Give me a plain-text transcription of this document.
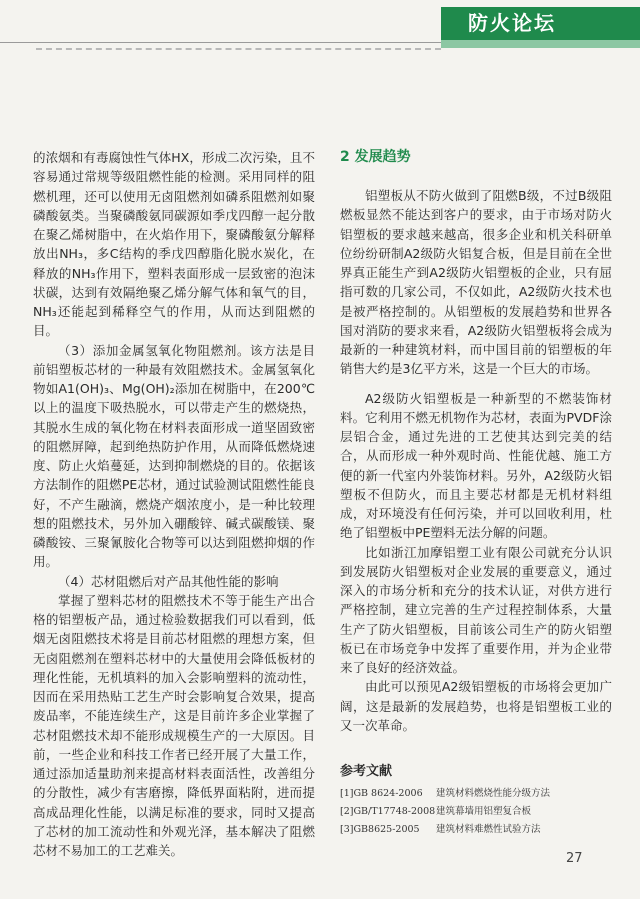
防火论坛

的浓烟和有毒腐蚀性气体HX，形成二次污染，且不容易通过常规等级阻燃性能的检测。采用同样的阻燃机理，还可以使用无卤阻燃剂如磷系阻燃剂如聚磷酸氨类。当聚磷酸氨同碳源如季戊四醇一起分散在聚乙烯树脂中，在火焰作用下，聚磷酸氨分解释放出NH₃，多C结构的季戊四醇脂化脱水炭化，在释放的NH₃作用下，塑料表面形成一层致密的泡沫状碳，达到有效隔绝聚乙烯分解气体和氧气的目，NH₃还能起到稀释空气的作用，从而达到阻燃的目。

（3）添加金属氢氧化物阻燃剂。该方法是目前铝塑板芯材的一种最有效阻燃技术。金属氢氧化物如A1(OH)₃、Mg(OH)₂添加在树脂中，在200℃以上的温度下吸热脱水，可以带走产生的燃烧热，其脱水生成的氧化物在材料表面形成一道坚固致密的阻燃屏障，起到绝热防护作用，从而降低燃烧速度、防止火焰蔓延，达到抑制燃烧的目的。依据该方法制作的阻燃PE芯材，通过试验测试阻燃性能良好，不产生融滴，燃烧产烟浓度小，是一种比较理想的阻燃技术，另外加入硼酸锌、碱式碳酸镁、聚磷酸铵、三聚氰胺化合物等可以达到阻燃抑烟的作用。

（4）芯材阻燃后对产品其他性能的影响

掌握了塑料芯材的阻燃技术不等于能生产出合格的铝塑板产品，通过检验数据我们可以看到，低烟无卤阻燃技术将是目前芯材阻燃的理想方案，但无卤阻燃剂在塑料芯材中的大量使用会降低板材的理化性能，无机填料的加入会影响塑料的流动性，因而在采用热贴工艺生产时会影响复合效果，提高废品率，不能连续生产，这是目前许多企业掌握了芯材阻燃技术却不能形成规模生产的一大原因。目前，一些企业和科技工作者已经开展了大量工作，通过添加适量助剂来提高材料表面活性，改善组分的分散性，减少有害磨擦，降低界面粘附，进而提高成品理化性能，以满足标准的要求，同时又提高了芯材的加工流动性和外观光泽，基本解决了阻燃芯材不易加工的工艺难关。

2 发展趋势

铝塑板从不防火做到了阻燃B级，不过B级阻燃板显然不能达到客户的要求，由于市场对防火铝塑板的要求越来越高，很多企业和机关科研单位纷纷研制A2级防火铝复合板，但是目前在全世界真正能生产到A2级防火铝塑板的企业，只有屈指可数的几家公司，不仅如此，A2级防火技术也是被严格控制的。从铝塑板的发展趋势和世界各国对消防的要求来看，A2级防火铝塑板将会成为最新的一种建筑材料，而中国目前的铝塑板的年销售大约是3亿平方米，这是一个巨大的市场。

A2级防火铝塑板是一种新型的不燃装饰材料。它利用不燃无机物作为芯材，表面为PVDF涂层铝合金，通过先进的工艺使其达到完美的结合，从而形成一种外观时尚、性能优越、施工方便的新一代室内外装饰材料。另外，A2级防火铝塑板不但防火，而且主要芯材都是无机材料组成，对环境没有任何污染，并可以回收利用，杜绝了铝塑板中PE塑料无法分解的问题。

比如浙江加摩铝塑工业有限公司就充分认识到发展防火铝塑板对企业发展的重要意义，通过深入的市场分析和充分的技术认证，对供方进行严格控制，建立完善的生产过程控制体系，大量生产了防火铝塑板，目前该公司生产的防火铝塑板已在市场竞争中发挥了重要作用，并为企业带来了良好的经济效益。

由此可以预见A2级铝塑板的市场将会更加广阔，这是最新的发展趋势，也将是铝塑板工业的又一次革命。

参考文献

[1]GB 8624-2006 建筑材料燃烧性能分级方法

[2]GB/T17748-2008建筑幕墙用铝塑复合板

[3]GB8625-2005 建筑材料难燃性试验方法

27
